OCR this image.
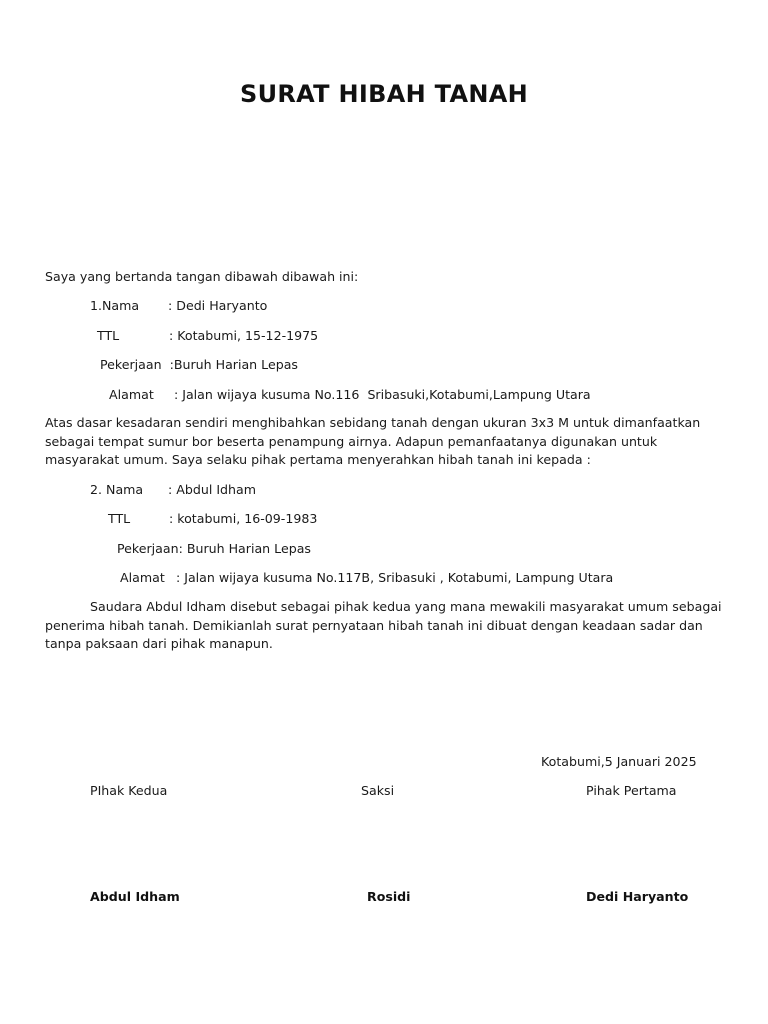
SURAT HIBAH TANAH
Saya yang bertanda tangan dibawah dibawah ini:
1.Nama : Dedi Haryanto
TTL	: Kotabumi, 15-12-1975
Pekerjaan  :Buruh Harian Lepas
Alamat : Jalan wijaya kusuma No.116  Sribasuki,Kotabumi,Lampung Utara
Atas dasar kesadaran sendiri menghibahkan sebidang tanah dengan ukuran 3x3 M untuk dimanfaatkan sebagai tempat sumur bor beserta penampung airnya. Adapun pemanfaatanya digunakan untuk masyarakat umum. Saya selaku pihak pertama menyerahkan hibah tanah ini kepada :
2. Nama : Abdul Idham
TTL	: kotabumi, 16-09-1983
Pekerjaan: Buruh Harian Lepas
Alamat : Jalan wijaya kusuma No.117B, Sribasuki , Kotabumi, Lampung Utara
Saudara Abdul Idham disebut sebagai pihak kedua yang mana mewakili masyarakat umum sebagai penerima hibah tanah. Demikianlah surat pernyataan hibah tanah ini dibuat dengan keadaan sadar dan tanpa paksaan dari pihak manapun.
Kotabumi,5 Januari 2025
PIhak Kedua	Saksi	Pihak Pertama
Abdul Idham	Rosidi	Dedi Haryanto
